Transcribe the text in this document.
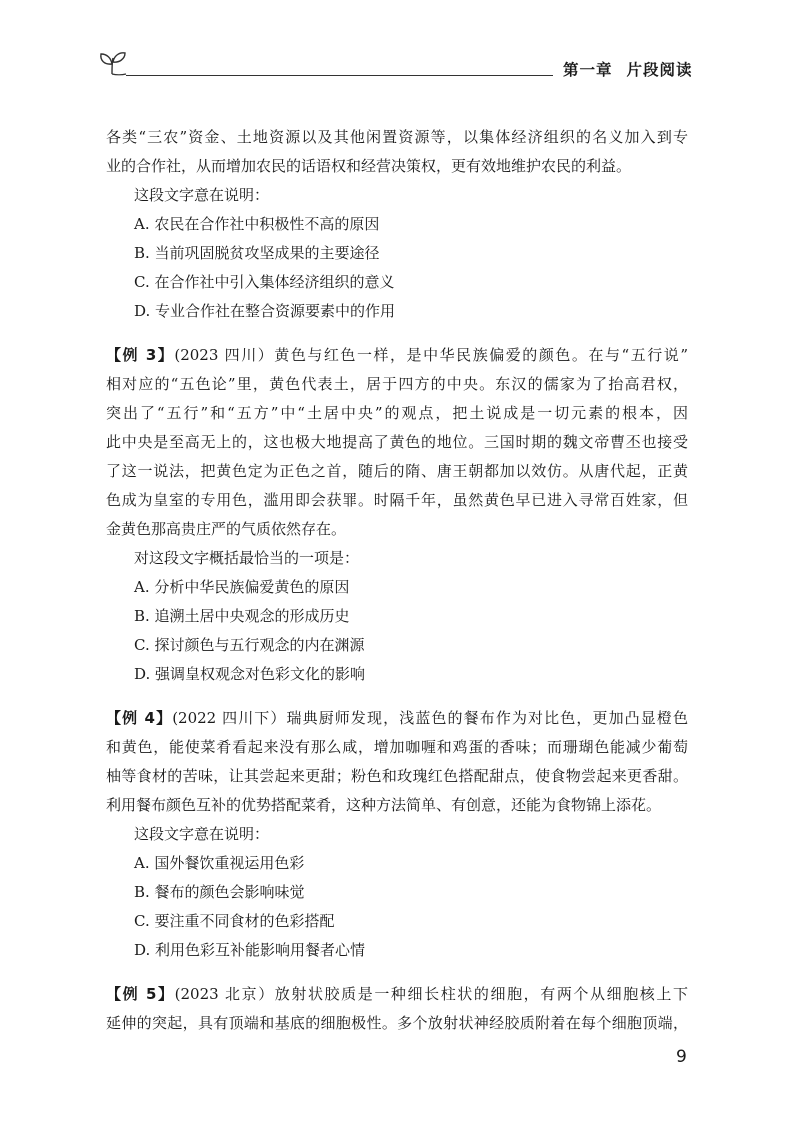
第一章 片段阅读

各类“三农”资金、土地资源以及其他闲置资源等，以集体经济组织的名义加入到专

业的合作社，从而增加农民的话语权和经营决策权，更有效地维护农民的利益。

这段文字意在说明：

A. 农民在合作社中积极性不高的原因

B. 当前巩固脱贫攻坚成果的主要途径

C. 在合作社中引入集体经济组织的意义

D. 专业合作社在整合资源要素中的作用

【例 3】(2023 四川）黄色与红色一样，是中华民族偏爱的颜色。在与“五行说”

相对应的“五色论”里，黄色代表土，居于四方的中央。东汉的儒家为了抬高君权，

突出了“五行”和“五方”中“土居中央”的观点，把土说成是一切元素的根本，因

此中央是至高无上的，这也极大地提高了黄色的地位。三国时期的魏文帝曹丕也接受

了这一说法，把黄色定为正色之首，随后的隋、唐王朝都加以效仿。从唐代起，正黄

色成为皇室的专用色，滥用即会获罪。时隔千年，虽然黄色早已进入寻常百姓家，但

金黄色那高贵庄严的气质依然存在。

对这段文字概括最恰当的一项是：

A. 分析中华民族偏爱黄色的原因

B. 追溯土居中央观念的形成历史

C. 探讨颜色与五行观念的内在渊源

D. 强调皇权观念对色彩文化的影响

【例 4】(2022 四川下）瑞典厨师发现，浅蓝色的餐布作为对比色，更加凸显橙色

和黄色，能使菜肴看起来没有那么咸，增加咖喱和鸡蛋的香味；而珊瑚色能减少葡萄

柚等食材的苦味，让其尝起来更甜；粉色和玫瑰红色搭配甜点，使食物尝起来更香甜。

利用餐布颜色互补的优势搭配菜肴，这种方法简单、有创意，还能为食物锦上添花。

这段文字意在说明：

A. 国外餐饮重视运用色彩

B. 餐布的颜色会影响味觉

C. 要注重不同食材的色彩搭配

D. 利用色彩互补能影响用餐者心情

【例 5】(2023 北京）放射状胶质是一种细长柱状的细胞，有两个从细胞核上下

延伸的突起，具有顶端和基底的细胞极性。多个放射状神经胶质附着在每个细胞顶端，

9
